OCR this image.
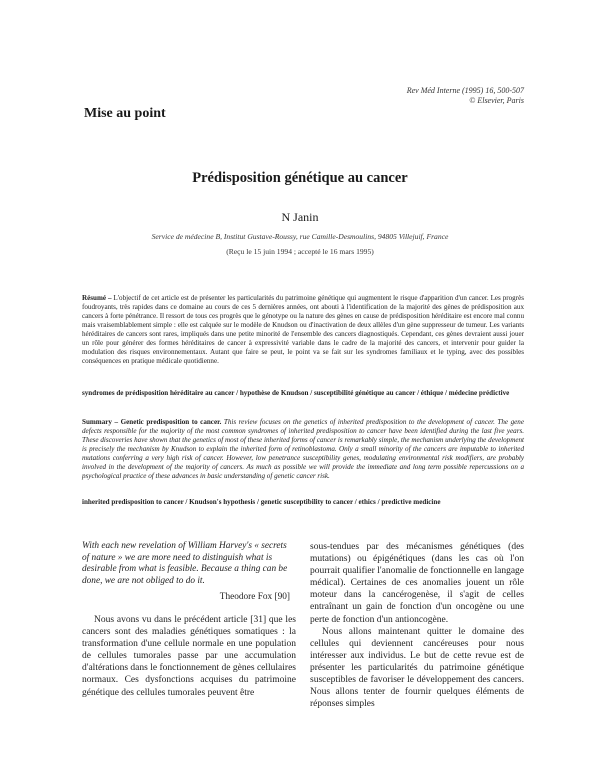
Rev Méd Interne (1995) 16, 500-507
© Elsevier, Paris
Mise au point
Prédisposition génétique au cancer
N Janin
Service de médecine B, Institut Gustave-Roussy, rue Camille-Desmoulins, 94805 Villejuif, France
(Reçu le 15 juin 1994 ; accepté le 16 mars 1995)
Résumé – L'objectif de cet article est de présenter les particularités du patrimoine génétique qui augmentent le risque d'apparition d'un cancer. Les progrès foudroyants, très rapides dans ce domaine au cours de ces 5 dernières années, ont abouti à l'identification de la majorité des gènes de prédisposition aux cancers à forte pénétrance. Il ressort de tous ces progrès que le génotype ou la nature des gènes en cause de prédisposition héréditaire est encore mal connu mais vraisemblablement simple : elle est calquée sur le modèle de Knudson ou d'inactivation de deux allèles d'un gène suppresseur de tumeur. Les variants héréditaires de cancers sont rares, impliqués dans une petite minorité de l'ensemble des cancers diagnostiqués. Cependant, ces gènes devraient aussi jouer un rôle pour générer des formes héréditaires de cancer à expressivité variable dans le cadre de la majorité des cancers, et intervenir pour guider la modulation des risques environnementaux. Autant que faire se peut, le point va se fait sur les syndromes familiaux et le typing, avec des possibles conséquences en pratique médicale quotidienne.
syndromes de prédisposition héréditaire au cancer / hypothèse de Knudson / susceptibilité génétique au cancer / éthique / médecine prédictive
Summary – Genetic predisposition to cancer. This review focuses on the genetics of inherited predisposition to the development of cancer. The gene defects responsible for the majority of the most common syndromes of inherited predisposition to cancer have been identified during the last five years. These discoveries have shown that the genetics of most of these inherited forms of cancer is remarkably simple, the mechanism underlying the development is precisely the mechanism by Knudson to explain the inherited form of retinoblastoma. Only a small minority of the cancers are imputable to inherited mutations conferring a very high risk of cancer. However, low penetrance susceptibility genes, modulating environmental risk modifiers, are probably involved in the development of the majority of cancers. As much as possible we will provide the immediate and long term possible repercussions on a psychological practice of these advances in basic understanding of genetic cancer risk.
inherited predisposition to cancer / Knudson's hypothesis / genetic susceptibility to cancer / ethics / predictive medicine
With each new revelation of William Harvey's « secrets of nature » we are more need to distinguish what is desirable from what is feasible. Because a thing can be done, we are not obliged to do it.
Theodore Fox [90]

Nous avons vu dans le précédent article [31] que les cancers sont des maladies génétiques somatiques : la transformation d'une cellule normale en une population de cellules tumorales passe par une accumulation d'altérations dans le fonctionnement de gènes cellulaires normaux. Ces dysfonctions acquises du patrimoine génétique des cellules tumorales peuvent être

sous-tendues par des mécanismes génétiques (des mutations) ou épigénétiques (dans les cas où l'on pourrait qualifier l'anomalie de fonctionnelle en langage médical). Certaines de ces anomalies jouent un rôle moteur dans la cancérogenèse, il s'agit de celles entraînant un gain de fonction d'un oncogène ou une perte de fonction d'un antioncogène.

Nous allons maintenant quitter le domaine des cellules qui deviennent cancéreuses pour nous intéresser aux individus. Le but de cette revue est de présenter les particularités du patrimoine génétique susceptibles de favoriser le développement des cancers. Nous allons tenter de fournir quelques éléments de réponses simples
